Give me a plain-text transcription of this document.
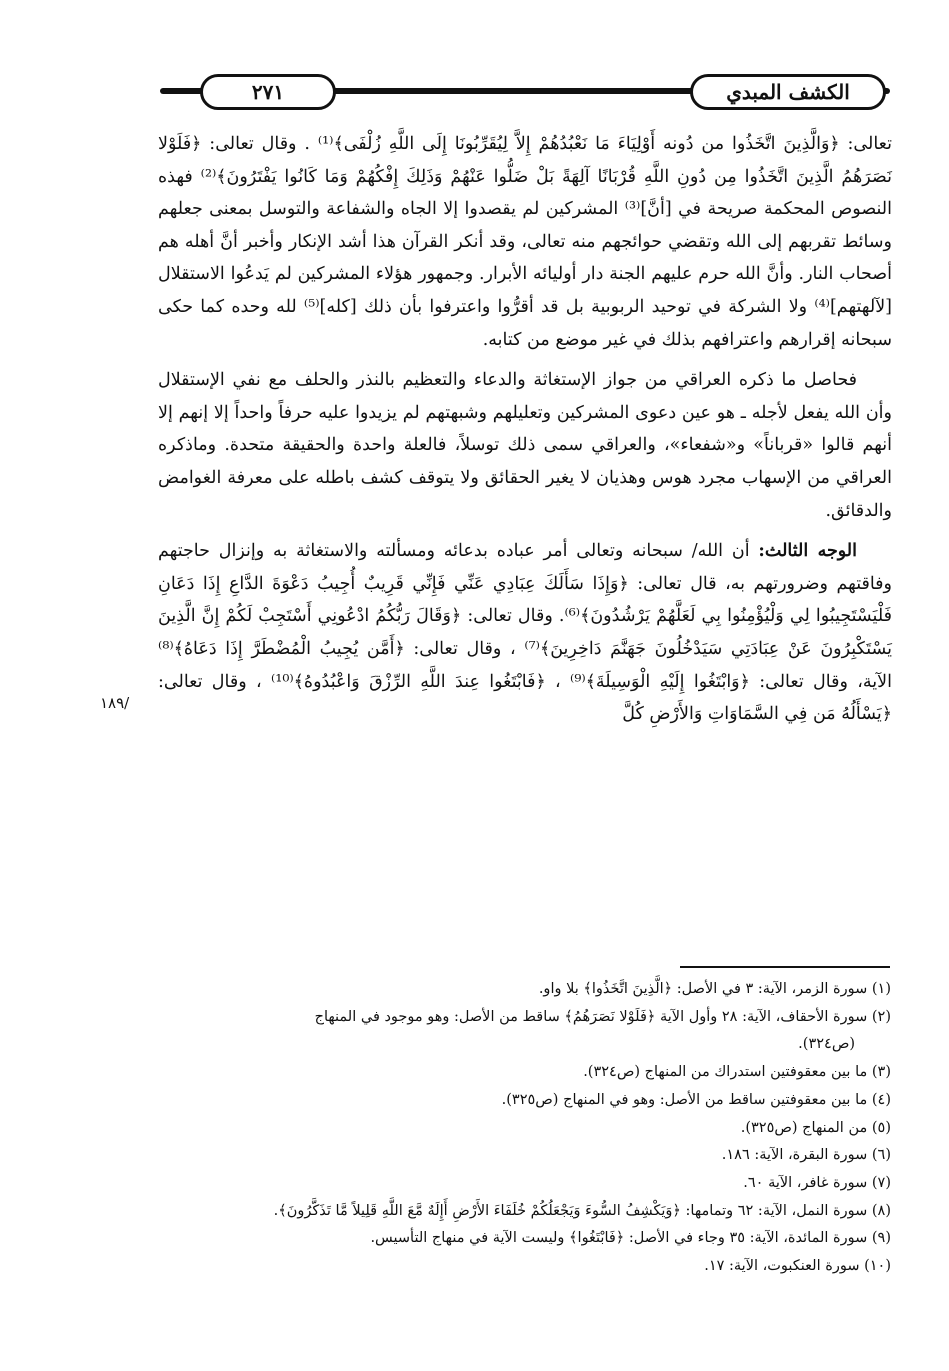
٢٧١	الكشف المبدي
/١٨٩

تعالى: ﴿وَالَّذِينَ اتَّخَذُوا من دُونه أَوْلِيَاءَ مَا نَعْبُدُهُمْ إِلاَّ لِيُقَرِّبُونَا إِلَى اللَّهِ زُلْفَى﴾⁽¹⁾ . وقال تعالى: ﴿فَلَوْلا نَصَرَهُمُ الَّذِينَ اتَّخَذُوا مِن دُونِ اللَّهِ قُرْبَانًا آلِهَةً بَلْ ضَلُّوا عَنْهُمْ وَذَلِكَ إِفْكُهُمْ وَمَا كَانُوا يَفْتَرُونَ﴾⁽²⁾ فهذه النصوص المحكمة صريحة في [أنَّ]⁽³⁾ المشركين لم يقصدوا إلا الجاه والشفاعة والتوسل بمعنى جعلهم وسائط تقربهم إلى الله وتقضي حوائجهم منه تعالى، وقد أنكر القرآن هذا أشد الإنكار وأخبر أنَّ أهله هم أصحاب النار. وأنَّ الله حرم عليهم الجنة دار أوليائه الأبرار. وجمهور هؤلاء المشركين لم يَدعُوا الاستقلال [لآلهتهم]⁽⁴⁾ ولا الشركة في توحيد الربوبية بل قد أقرُّوا واعترفوا بأن ذلك [كله]⁽⁵⁾ لله وحده كما حكى سبحانه إقرارهم واعترافهم بذلك في غير موضع من كتابه.

فحاصل ما ذكره العراقي من جواز الإستغاثة والدعاء والتعظيم بالنذر والحلف مع نفي الإستقلال وأن الله يفعل لأجله ـ هو عين دعوى المشركين وتعليلهم وشبهتهم لم يزيدوا عليه حرفاً واحداً إلا إنهم إلا أنهم قالوا «قرباناً» و«شفعاء»، والعراقي سمى ذلك توسلاً، فالعلة واحدة والحقيقة متحدة. وماذكره العراقي من الإسهاب مجرد هوس وهذيان لا يغير الحقائق ولا يتوقف كشف باطله على معرفة الغوامض والدقائق.

الوجه الثالث: أن الله/ سبحانه وتعالى أمر عباده بدعائه ومسألته والاستغاثة به وإنزال حاجتهم وفاقتهم وضرورتهم به، قال تعالى: ﴿وَإِذَا سَأَلَكَ عِبَادِي عَنِّي فَإِنِّي قَرِيبٌ أُجِيبُ دَعْوَةَ الدَّاعِ إِذَا دَعَانِ فَلْيَسْتَجِيبُوا لِي وَلْيُؤْمِنُوا بِي لَعَلَّهُمْ يَرْشُدُونَ﴾⁽⁶⁾. وقال تعالى: ﴿وَقَالَ رَبُّكُمُ ادْعُونِي أَسْتَجِبْ لَكُمْ إِنَّ الَّذِينَ يَسْتَكْبِرُونَ عَنْ عِبَادَتِي سَيَدْخُلُونَ جَهَنَّمَ دَاخِرِينَ﴾⁽⁷⁾ ، وقال تعالى: ﴿أَمَّن يُجِيبُ الْمُضْطَرَّ إِذَا دَعَاهُ﴾⁽⁸⁾ الآية، وقال تعالى: ﴿وَابْتَغُوا إِلَيْهِ الْوَسِيلَةَ﴾⁽⁹⁾ ، ﴿فَابْتَغُوا عِندَ اللَّهِ الرِّزْقَ وَاعْبُدُوهُ﴾⁽¹⁰⁾ ، وقال تعالى: ﴿يَسْأَلُهُ مَن فِي السَّمَاوَاتِ وَالأَرْضِ كُلَّ

(١) سورة الزمر، الآية: ٣ في الأصل: ﴿الَّذِينَ اتَّخَذُوا﴾ بلا واو.
(٢) سورة الأحقاف، الآية: ٢٨ وأول الآية ﴿فَلَوْلا نَصَرَهُمُ﴾ ساقط من الأصل: وهو موجود في المنهاج
(ص٣٢٤).
(٣) ما بين معقوفتين استدراك من المنهاج (ص٣٢٤).
(٤) ما بين معقوفتين ساقط من الأصل: وهو في المنهاج (ص٣٢٥).
(٥) من المنهاج (ص٣٢٥).
(٦) سورة البقرة، الآية: ١٨٦.
(٧) سورة غافر، الآية ٦٠.
(٨) سورة النمل، الآية: ٦٢ وتمامها: ﴿وَيَكْشِفُ السُّوءَ وَيَجْعَلُكُمْ خُلَفَاءَ الأَرْضِ أَإِلَهٌ مَّعَ اللَّهِ قَلِيلاً مَّا تَذَكَّرُونَ﴾.
(٩) سورة المائدة، الآية: ٣٥ وجاء في الأصل: ﴿فَابْتَغُوا﴾ وليست الآية في منهاج التأسيس.
(١٠) سورة العنكبوت، الآية: ١٧.
